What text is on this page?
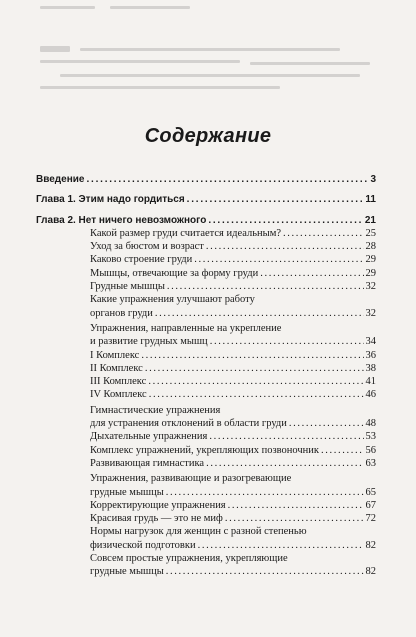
Содержание
Введение . . .	3
Глава 1. Этим надо гордиться . . .	11
Глава 2. Нет ничего невозможного . . .	21
Какой размер груди считается идеальным? . . .	25
Уход за бюстом и возраст . . .	28
Каково строение груди . . .	29
Мышцы, отвечающие за форму груди . . .	29
Грудные мышцы . . .	32
Какие упражнения улучшают работу
органов груди . . .	32
Упражнения, направленные на укрепление
и развитие грудных мышц . . .	34
I Комплекс . . .	36
II Комплекс . . .	38
III Комплекс . . .	41
IV Комплекс . . .	46
Гимнастические упражнения
для устранения отклонений в области груди . . .	48
Дыхательные упражнения . . .	53
Комплекс упражнений, укрепляющих позвоночник . . .	56
Развивающая гимнастика . . .	63
Упражнения, развивающие и разогревающие
грудные мышцы . . .	65
Корректирующие упражнения . . .	67
Красивая грудь — это не миф . . .	72
Нормы нагрузок для женщин с разной степенью
физической подготовки . . .	82
Совсем простые упражнения, укрепляющие
грудные мышцы . . .	82
